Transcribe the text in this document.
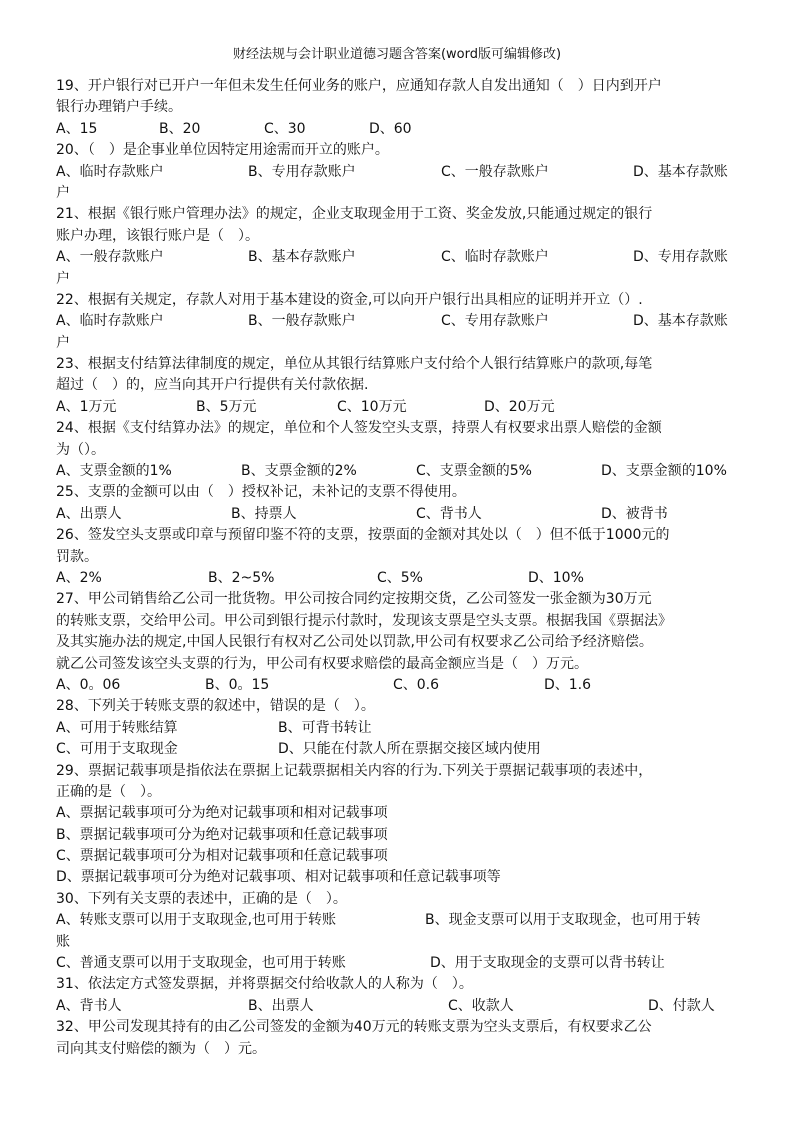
财经法规与会计职业道德习题含答案(word版可编辑修改)
19、开户银行对已开户一年但未发生任何业务的账户，应通知存款人自发出通知（　）日内到开户
银行办理销户手续。
A、15	B、20	C、30	D、60
20、（　）是企事业单位因特定用途需而开立的账户。
A、临时存款账户	B、专用存款账户	C、一般存款账户	D、基本存款账
户
21、根据《银行账户管理办法》的规定，企业支取现金用于工资、奖金发放,只能通过规定的银行
账户办理，该银行账户是（　）。
A、一般存款账户	B、基本存款账户	C、临时存款账户	D、专用存款账
户
22、根据有关规定，存款人对用于基本建设的资金,可以向开户银行出具相应的证明并开立（）.
A、临时存款账户	B、一般存款账户	C、专用存款账户	D、基本存款账
户
23、根据支付结算法律制度的规定，单位从其银行结算账户支付给个人银行结算账户的款项,每笔
超过（　）的，应当向其开户行提供有关付款依据.
A、1万元	B、5万元	C、10万元	D、20万元
24、根据《支付结算办法》的规定，单位和个人签发空头支票，持票人有权要求出票人赔偿的金额
为（）。
A、支票金额的1%	B、支票金额的2%	C、支票金额的5%	D、支票金额的10%
25、支票的金额可以由（　）授权补记，未补记的支票不得使用。
A、出票人	B、持票人	C、背书人	D、被背书
26、签发空头支票或印章与预留印鉴不符的支票，按票面的金额对其处以（　）但不低于1000元的
罚款。
A、2%	B、2~5%	C、5%	D、10%
27、甲公司销售给乙公司一批货物。甲公司按合同约定按期交货，乙公司签发一张金额为30万元
的转账支票，交给甲公司。甲公司到银行提示付款时，发现该支票是空头支票。根据我国《票据法》
及其实施办法的规定,中国人民银行有权对乙公司处以罚款,甲公司有权要求乙公司给予经济赔偿。
就乙公司签发该空头支票的行为，甲公司有权要求赔偿的最高金额应当是（　）万元。
A、0。06	B、0。15	C、0.6	D、1.6
28、下列关于转账支票的叙述中，错误的是（　）。
A、可用于转账结算	B、可背书转让
C、可用于支取现金	D、只能在付款人所在票据交接区域内使用
29、票据记载事项是指依法在票据上记载票据相关内容的行为.下列关于票据记载事项的表述中，
正确的是（　）。
A、票据记载事项可分为绝对记载事项和相对记载事项
B、票据记载事项可分为绝对记载事项和任意记载事项
C、票据记载事项可分为相对记载事项和任意记载事项
D、票据记载事项可分为绝对记载事项、相对记载事项和任意记载事项等
30、下列有关支票的表述中，正确的是（　）。
A、转账支票可以用于支取现金,也可用于转账	B、现金支票可以用于支取现金，也可用于转
账
C、普通支票可以用于支取现金，也可用于转账	D、用于支取现金的支票可以背书转让
31、依法定方式签发票据，并将票据交付给收款人的人称为（　）。
A、背书人	B、出票人	C、收款人	D、付款人
32、甲公司发现其持有的由乙公司签发的金额为40万元的转账支票为空头支票后，有权要求乙公
司向其支付赔偿的额为（　）元。
